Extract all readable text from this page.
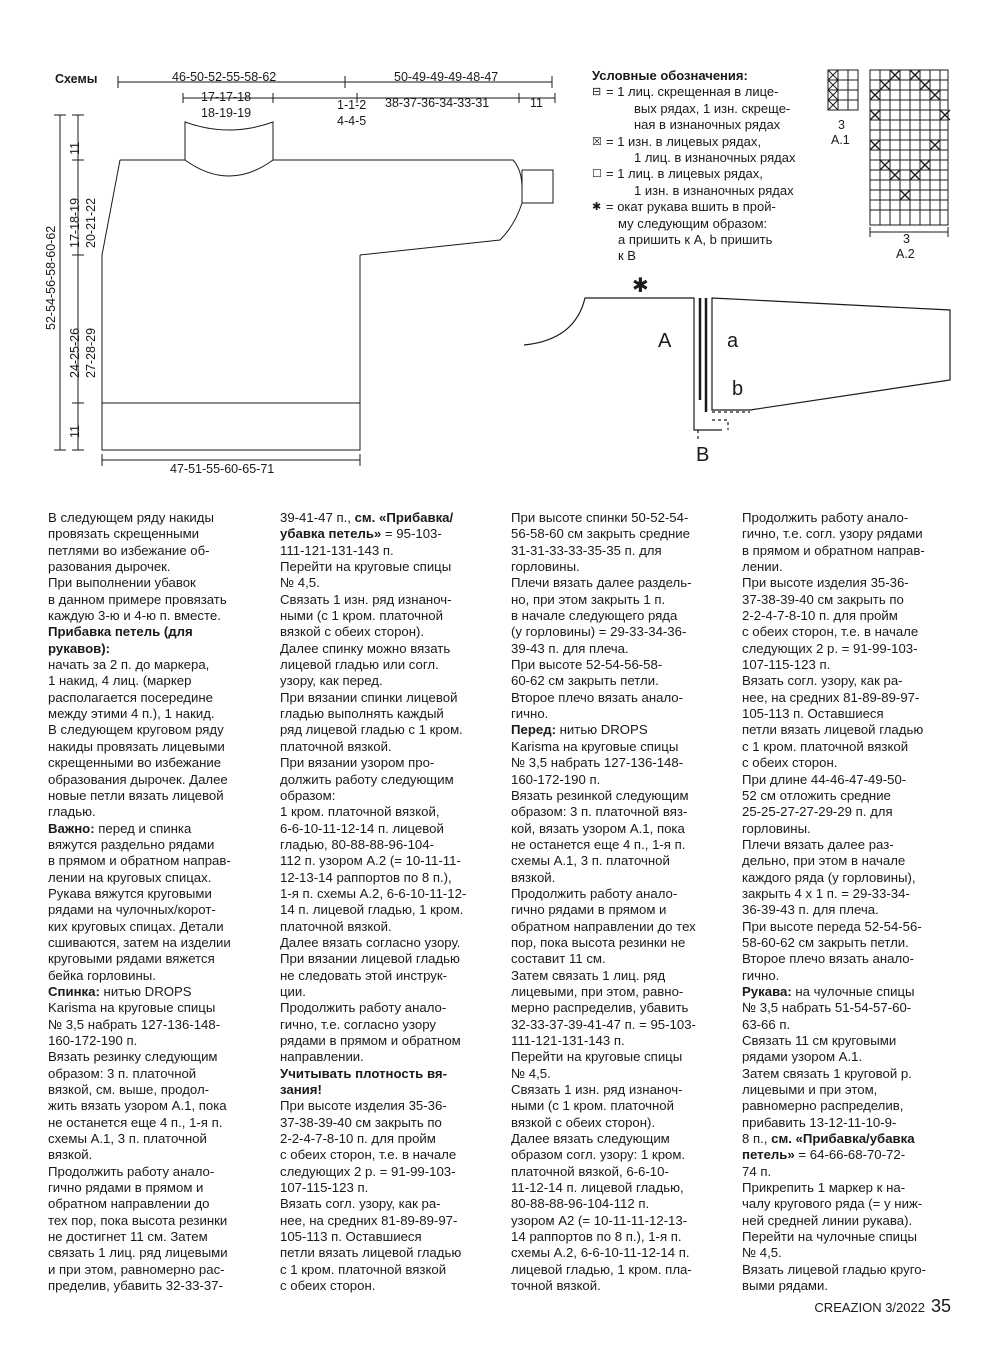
✱
Схемы	46-50-52-55-58-62	50-49-49-49-48-47
17-17-18
18-19-19
1-1-2
4-4-5
38-37-36-34-33-31	11
11
17-18-19 20-21-22
52-54-56-58-60-62
24-25-26 27-28-29
11
47-51-55-60-65-71
Условные обозначения:
⊟ = 1 лиц. скрещенная в лице-
вых рядах, 1 изн. скреще-
ная в изнаночных рядах
☒ = 1 изн. в лицевых рядах,
1 лиц. в изнаночных рядах
☐ = 1 лиц. в лицевых рядах,
1 изн. в изнаночных рядах
✱ = окат рукава вшить в прой-
му следующим образом:
a пришить к A, b пришить
к B
3
A.1
3
A.2
A	a
b
B

В следующем ряду накиды

провязать скрещенными

петлями во избежание об-

разования дырочек.

При выполнении убавок

в данном примере провязать

каждую 3-ю и 4-ю п. вместе.

Прибавка петель (для

рукавов):

начать за 2 п. до маркера,

1 накид, 4 лиц. (маркер

располагается посередине

между этими 4 п.), 1 накид.

В следующем круговом ряду

накиды провязать лицевыми

скрещенными во избежание

образования дырочек. Далее

новые петли вязать лицевой

гладью.

Важно: перед и спинка

вяжутся раздельно рядами

в прямом и обратном направ-

лении на круговых спицах.

Рукава вяжутся круговыми

рядами на чулочных/корот-

ких круговых спицах. Детали

сшиваются, затем на изделии

круговыми рядами вяжется

бейка горловины.

Спинка: нитью DROPS

Karisma на круговые спицы

№ 3,5 набрать 127-136-148-

160-172-190 п.

Вязать резинку следующим

образом: 3 п. платочной

вязкой, см. выше, продол-

жить вязать узором A.1, пока

не останется еще 4 п., 1-я п.

схемы A.1, 3 п. платочной

вязкой.

Продолжить работу анало-

гично рядами в прямом и

обратном направлении до

тех пор, пока высота резинки

не достигнет 11 см. Затем

связать 1 лиц. ряд лицевыми

и при этом, равномерно рас-

пределив, убавить 32-33-37-

39-41-47 п., см. «Прибавка/

убавка петель» = 95-103-

111-121-131-143 п.

Перейти на круговые спицы

№ 4,5.

Связать 1 изн. ряд изнаноч-

ными (с 1 кром. платочной

вязкой с обеих сторон).

Далее спинку можно вязать

лицевой гладью или согл.

узору, как перед.

При вязании спинки лицевой

гладью выполнять каждый

ряд лицевой гладью с 1 кром.

платочной вязкой.

При вязании узором про-

должить работу следующим

образом:

1 кром. платочной вязкой,

6-6-10-11-12-14 п. лицевой

гладью, 80-88-88-96-104-

112 п. узором A.2 (= 10-11-11-

12-13-14 раппортов по 8 п.),

1-я п. схемы A.2, 6-6-10-11-12-

14 п. лицевой гладью, 1 кром.

платочной вязкой.

Далее вязать согласно узору.

При вязании лицевой гладью

не следовать этой инструк-

ции.

Продолжить работу анало-

гично, т.е. согласно узору

рядами в прямом и обратном

направлении.

Учитывать плотность вя-

зания!

При высоте изделия 35-36-

37-38-39-40 см закрыть по

2-2-4-7-8-10 п. для пройм

с обеих сторон, т.е. в начале

следующих 2 р. = 91-99-103-

107-115-123 п.

Вязать согл. узору, как ра-

нее, на средних 81-89-89-97-

105-113 п. Оставшиеся

петли вязать лицевой гладью

с 1 кром. платочной вязкой

с обеих сторон.

При высоте спинки 50-52-54-

56-58-60 см закрыть средние

31-31-33-33-35-35 п. для

горловины.

Плечи вязать далее раздель-

но, при этом закрыть 1 п.

в начале следующего ряда

(у горловины) = 29-33-34-36-

39-43 п. для плеча.

При высоте 52-54-56-58-

60-62 см закрыть петли.

Второе плечо вязать анало-

гично.

Перед: нитью DROPS

Karisma на круговые спицы

№ 3,5 набрать 127-136-148-

160-172-190 п.

Вязать резинкой следующим

образом: 3 п. платочной вяз-

кой, вязать узором A.1, пока

не останется еще 4 п., 1-я п.

схемы A.1, 3 п. платочной

вязкой.

Продолжить работу анало-

гично рядами в прямом и

обратном направлении до тех

пор, пока высота резинки не

составит 11 см.

Затем связать 1 лиц. ряд

лицевыми, при этом, равно-

мерно распределив, убавить

32-33-37-39-41-47 п. = 95-103-

111-121-131-143 п.

Перейти на круговые спицы

№ 4,5.

Связать 1 изн. ряд изнаноч-

ными (с 1 кром. платочной

вязкой с обеих сторон).

Далее вязать следующим

образом согл. узору: 1 кром.

платочной вязкой, 6-6-10-

11-12-14 п. лицевой гладью,

80-88-88-96-104-112 п.

узором A2 (= 10-11-11-12-13-

14 раппортов по 8 п.), 1-я п.

схемы A.2, 6-6-10-11-12-14 п.

лицевой гладью, 1 кром. пла-

точной вязкой.

Продолжить работу анало-

гично, т.е. согл. узору рядами

в прямом и обратном направ-

лении.

При высоте изделия 35-36-

37-38-39-40 см закрыть по

2-2-4-7-8-10 п. для пройм

с обеих сторон, т.е. в начале

следующих 2 р. = 91-99-103-

107-115-123 п.

Вязать согл. узору, как ра-

нее, на средних 81-89-89-97-

105-113 п. Оставшиеся

петли вязать лицевой гладью

с 1 кром. платочной вязкой

с обеих сторон.

При длине 44-46-47-49-50-

52 см отложить средние

25-25-27-27-29-29 п. для

горловины.

Плечи вязать далее раз-

дельно, при этом в начале

каждого ряда (у горловины),

закрыть 4 х 1 п. = 29-33-34-

36-39-43 п. для плеча.

При высоте переда 52-54-56-

58-60-62 см закрыть петли.

Второе плечо вязать анало-

гично.

Рукава: на чулочные спицы

№ 3,5 набрать 51-54-57-60-

63-66 п.

Связать 11 см круговыми

рядами узором A.1.

Затем связать 1 круговой р.

лицевыми и при этом,

равномерно распределив,

прибавить 13-12-11-10-9-

8 п., см. «Прибавка/убавка

петель» = 64-66-68-70-72-

74 п.

Прикрепить 1 маркер к на-

чалу кругового ряда (= у ниж-

ней средней линии рукава).

Перейти на чулочные спицы

№ 4,5.

Вязать лицевой гладью круго-

выми рядами.

CREAZION 3/2022 35
